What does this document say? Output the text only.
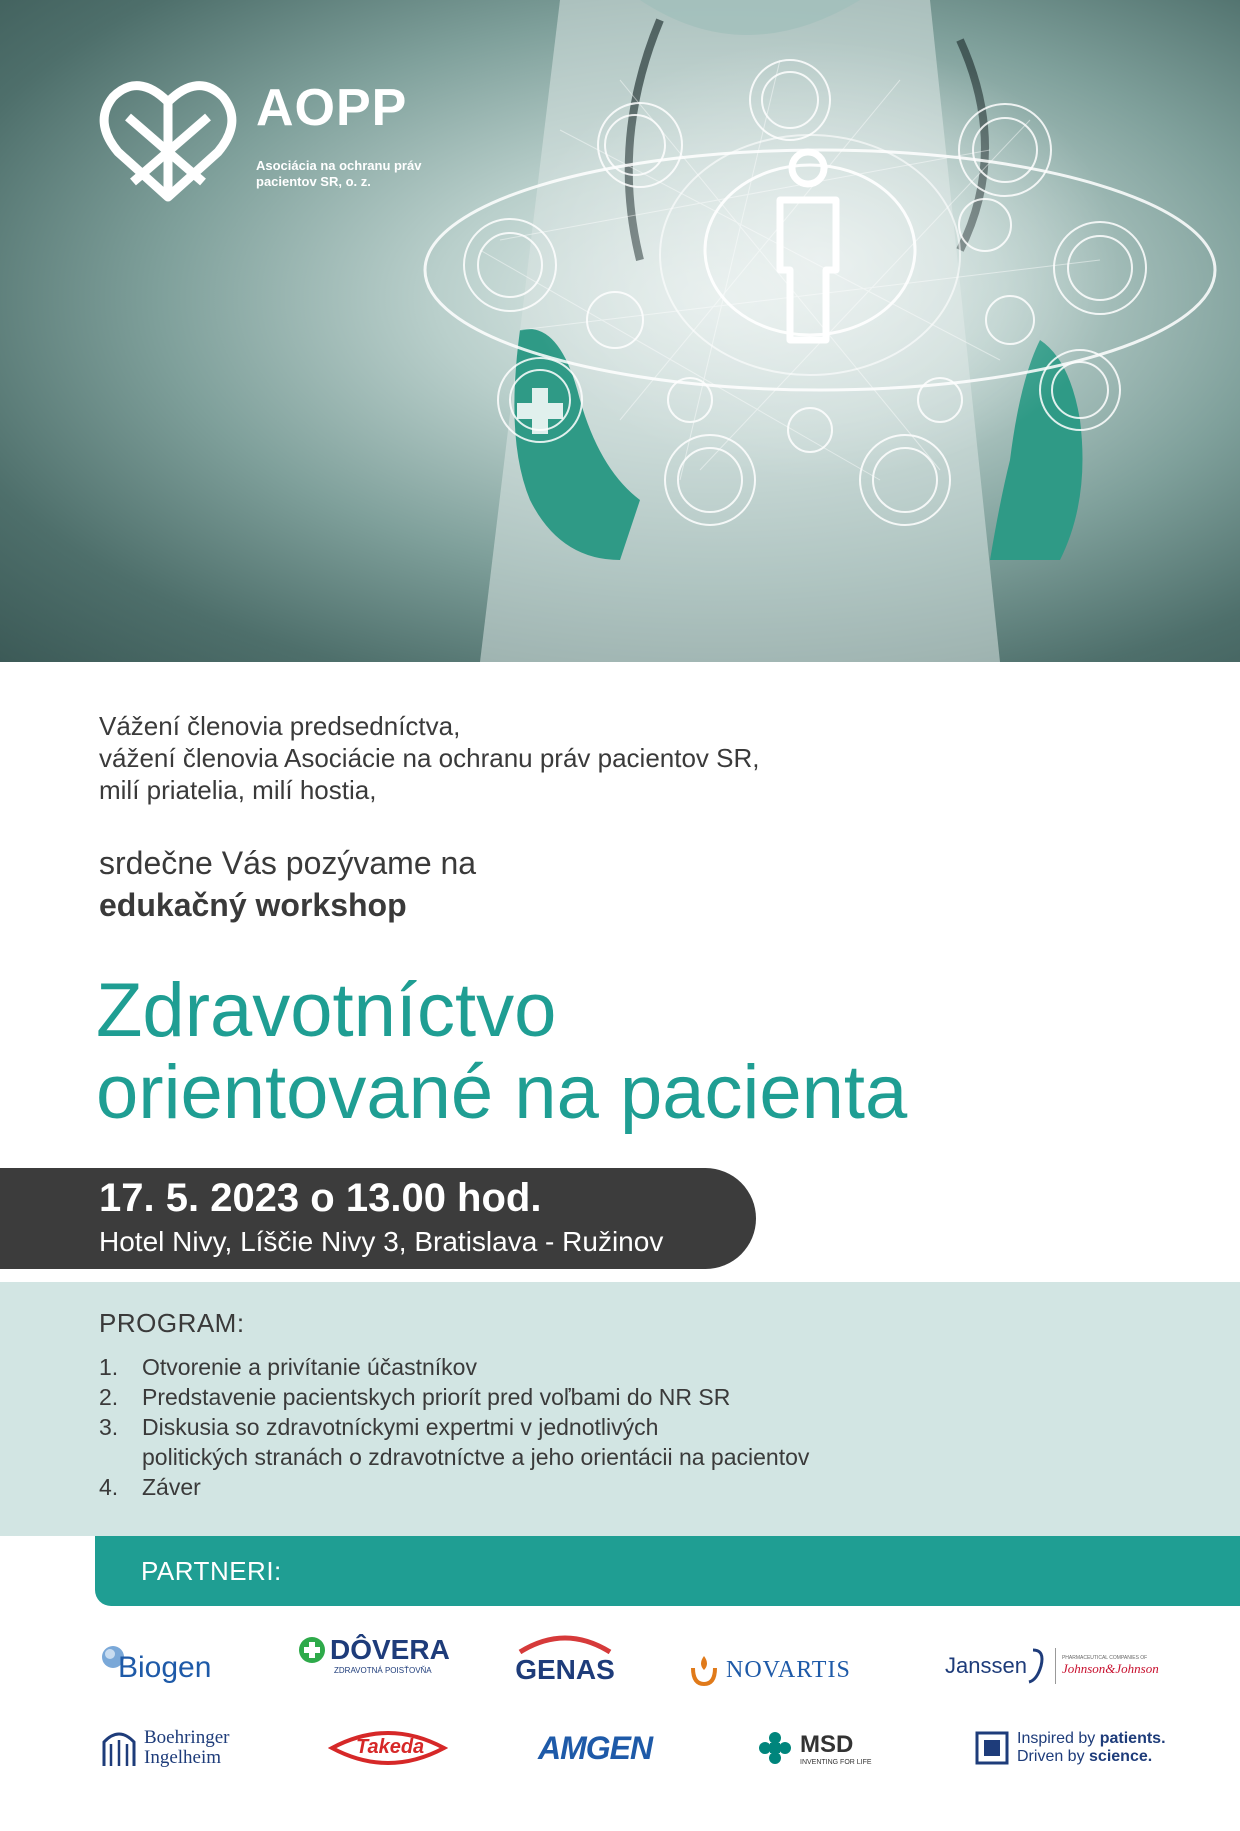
AOPP
Asociácia na ochranu práv
pacientov SR, o. z.
Vážení členovia predsedníctva,
vážení členovia Asociácie na ochranu práv pacientov SR,
milí priatelia, milí hostia,
srdečne Vás pozývame na
edukačný workshop
Zdravotníctvo
orientované na pacienta
17. 5. 2023 o 13.00 hod.
Hotel Nivy, Líščie Nivy 3, Bratislava - Ružinov
PROGRAM:
1. Otvorenie a privítanie účastníkov
2. Predstavenie pacientskych priorít pred voľbami do NR SR
3. Diskusia so zdravotníckymi expertmi v jednotlivých
politických stranách o zdravotníctve a jeho orientácii na pacientov
4. Záver
PARTNERI:
Biogen
DÔVERA
ZDRAVOTNÁ POISŤOVŇA	GENAS	NOVARTIS	Janssen	PHARMACEUTICAL COMPANIES OF
Johnson&Johnson
Boehringer
Ingelheim	Takeda	AMGEN	MSD
INVENTING FOR LIFE
Inspired by patients.
Driven by science.
